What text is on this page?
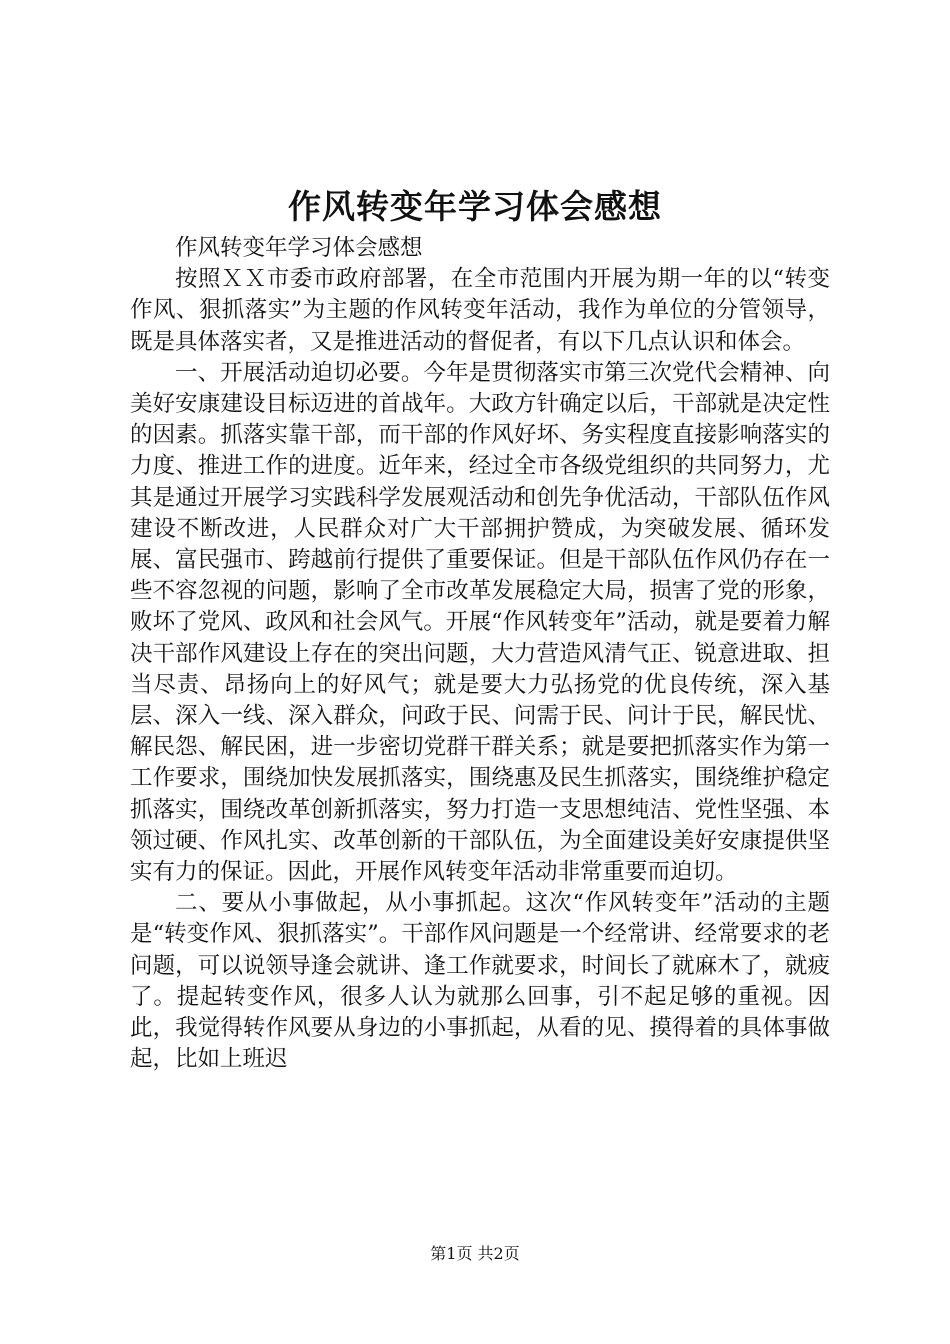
作风转变年学习体会感想

作风转变年学习体会感想

按照ＸＸ市委市政府部署，在全市范围内开展为期一年的以“转变作风、狠抓落实”为主题的作风转变年活动，我作为单位的分管领导，既是具体落实者，又是推进活动的督促者，有以下几点认识和体会。

一、开展活动迫切必要。今年是贯彻落实市第三次党代会精神、向美好安康建设目标迈进的首战年。大政方针确定以后，干部就是决定性的因素。抓落实靠干部，而干部的作风好坏、务实程度直接影响落实的力度、推进工作的进度。近年来，经过全市各级党组织的共同努力，尤其是通过开展学习实践科学发展观活动和创先争优活动，干部队伍作风建设不断改进，人民群众对广大干部拥护赞成，为突破发展、循环发展、富民强市、跨越前行提供了重要保证。但是干部队伍作风仍存在一些不容忽视的问题，影响了全市改革发展稳定大局，损害了党的形象，败坏了党风、政风和社会风气。开展“作风转变年”活动，就是要着力解决干部作风建设上存在的突出问题，大力营造风清气正、锐意进取、担当尽责、昂扬向上的好风气；就是要大力弘扬党的优良传统，深入基层、深入一线、深入群众，问政于民、问需于民、问计于民，解民忧、解民怨、解民困，进一步密切党群干群关系；就是要把抓落实作为第一工作要求，围绕加快发展抓落实，围绕惠及民生抓落实，围绕维护稳定抓落实，围绕改革创新抓落实，努力打造一支思想纯洁、党性坚强、本领过硬、作风扎实、改革创新的干部队伍，为全面建设美好安康提供坚实有力的保证。因此，开展作风转变年活动非常重要而迫切。

二、要从小事做起，从小事抓起。这次“作风转变年”活动的主题是“转变作风、狠抓落实”。干部作风问题是一个经常讲、经常要求的老问题，可以说领导逢会就讲、逢工作就要求，时间长了就麻木了，就疲了。提起转变作风，很多人认为就那么回事，引不起足够的重视。因此，我觉得转作风要从身边的小事抓起，从看的见、摸得着的具体事做起，比如上班迟

第1页 共2页
